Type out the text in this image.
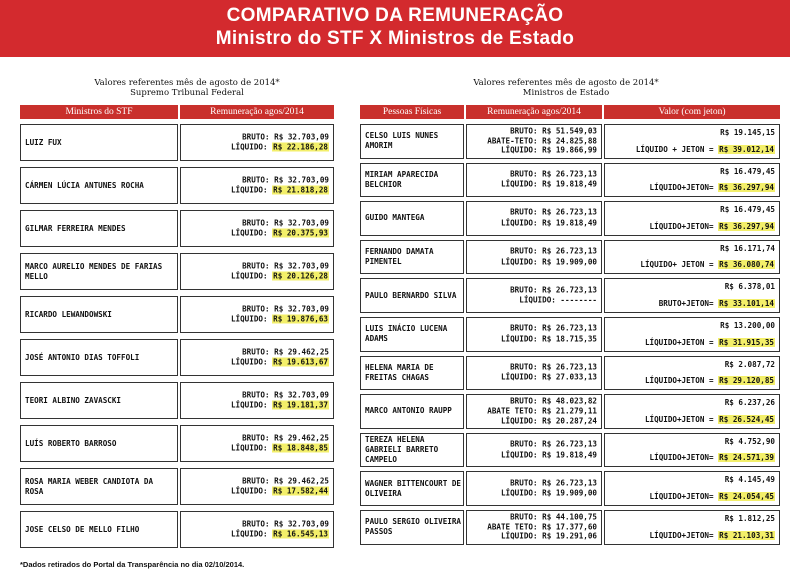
COMPARATIVO DA REMUNERAÇÃO
Ministro do STF X Ministros de Estado
Valores referentes mês de agosto de 2014*
Supremo Tribunal Federal
Ministros do STF	Remuneração agos/2014
LUIZ FUX
BRUTO: R$ 32.703,09
LÍQUIDO: R$ 22.186,28
CÁRMEN LÚCIA ANTUNES ROCHA
BRUTO: R$ 32.703,09
LÍQUIDO: R$ 21.818,28
GILMAR FERREIRA MENDES
BRUTO: R$ 32.703,09
LÍQUIDO: R$ 20.375,93
MARCO AURELIO MENDES DE FARIAS MELLO
BRUTO: R$ 32.703,09
LÍQUIDO: R$ 20.126,28
RICARDO LEWANDOWSKI
BRUTO: R$ 32.703,09
LÍQUIDO: R$ 19.876,63
JOSÉ ANTONIO DIAS TOFFOLI
BRUTO: R$ 29.462,25
LÍQUIDO: R$ 19.613,67
TEORI ALBINO ZAVASCKI
BRUTO: R$ 32.703,09
LÍQUIDO: R$ 19.181,37
LUÍS ROBERTO BARROSO
BRUTO: R$ 29.462,25
LÍQUIDO: R$ 18.848,85
ROSA MARIA WEBER CANDIOTA DA ROSA
BRUTO: R$ 29.462,25
LÍQUIDO: R$ 17.582,44
JOSE CELSO DE MELLO FILHO
BRUTO: R$ 32.703,09
LÍQUIDO: R$ 16.545,13
Valores referentes mês de agosto de 2014*
Ministros de Estado
Pessoas Físicas	Remuneração agos/2014	Valor (com jeton)
CELSO LUIS NUNES AMORIM
BRUTO: R$ 51.549,03
ABATE-TETO: R$ 24.825,88
LÍQUIDO: R$ 19.866,99
R$ 19.145,15
LÍQUIDO + JETON = R$ 39.012,14
MIRIAM APARECIDA BELCHIOR
BRUTO: R$ 26.723,13
LÍQUIDO: R$ 19.818,49
R$ 16.479,45
LÍQUIDO+JETON= R$ 36.297,94
GUIDO MANTEGA
BRUTO: R$ 26.723,13
LÍQUIDO: R$ 19.818,49
R$ 16.479,45
LÍQUIDO+JETON= R$ 36.297,94
FERNANDO DAMATA PIMENTEL
BRUTO: R$ 26.723,13
LÍQUIDO: R$ 19.909,00
R$ 16.171,74
LÍQUIDO+ JETON = R$ 36.080,74
PAULO BERNARDO SILVA
BRUTO: R$ 26.723,13
LÍQUIDO: --------
R$ 6.378,01
BRUTO+JETON= R$ 33.101,14
LUIS INÁCIO LUCENA ADAMS
BRUTO: R$ 26.723,13
LÍQUIDO: R$ 18.715,35
R$ 13.200,00
LÍQUIDO+JETON = R$ 31.915,35
HELENA MARIA DE FREITAS CHAGAS
BRUTO: R$ 26.723,13
LÍQUIDO: R$ 27.033,13
R$ 2.087,72
LÍQUIDO+JETON = R$ 29.120,85
MARCO ANTONIO RAUPP
BRUTO: R$ 48.023,82
ABATE TETO: R$ 21.279,11
LÍQUIDO: R$ 20.287,24
R$ 6.237,26
LÍQUIDO+JETON = R$ 26.524,45
TEREZA HELENA GABRIELI BARRETO CAMPELO
BRUTO: R$ 26.723,13
LÍQUIDO: R$ 19.818,49
R$ 4.752,90
LÍQUIDO+JETON= R$ 24.571,39
WAGNER BITTENCOURT DE OLIVEIRA
BRUTO: R$ 26.723,13
LÍQUIDO: R$ 19.909,00
R$ 4.145,49
LÍQUIDO+JETON= R$ 24.054,45
PAULO SERGIO OLIVEIRA PASSOS
BRUTO: R$ 44.100,75
ABATE TETO: R$ 17.377,60
LÍQUIDO: R$ 19.291,06
R$ 1.812,25
LÍQUIDO+JETON= R$ 21.103,31
*Dados retirados do Portal da Transparência no dia 02/10/2014.
